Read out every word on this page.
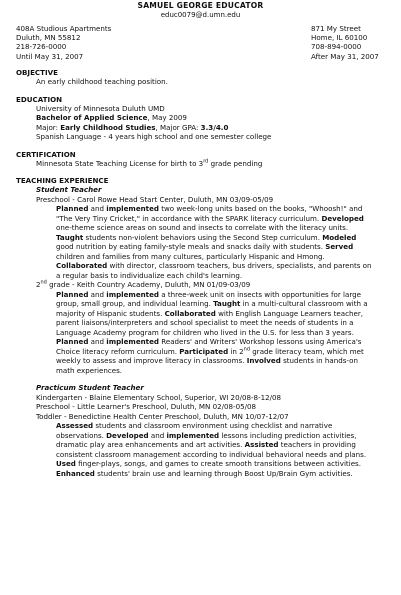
SAMUEL GEORGE EDUCATOR
educ0079@d.umn.edu
408A Studious Apartments
Duluth, MN 55812
218-726-0000
Until May 31, 2007
871 My Street
Home, IL 60100
708-894-0000
After May 31, 2007
OBJECTIVE
An early childhood teaching position.
EDUCATION
University of Minnesota Duluth UMD
Bachelor of Applied Science, May 2009
Major: Early Childhood Studies, Major GPA: 3.3/4.0
Spanish Language - 4 years high school and one semester college
CERTIFICATION
Minnesota State Teaching License for birth to 3rd grade pending
TEACHING EXPERIENCE
Student Teacher
Preschool - Carol Rowe Head Start Center, Duluth, MN 03/09-05/09
Planned and implemented two week-long units based on the books, "Whoosh!" and
"The Very Tiny Cricket," in accordance with the SPARK literacy curriculum. Developed
one-theme science areas on sound and insects to correlate with the literacy units.
Taught students non-violent behaviors using the Second Step curriculum. Modeled
good nutrition by eating family-style meals and snacks daily with students. Served
children and families from many cultures, particularly Hispanic and Hmong.
Collaborated with director, classroom teachers, bus drivers, specialists, and parents on
a regular basis to individualize each child's learning.
2nd grade - Keith Country Academy, Duluth, MN 01/09-03/09
Planned and implemented a three-week unit on insects with opportunities for large
group, small group, and individual learning. Taught in a multi-cultural classroom with a
majority of Hispanic students. Collaborated with English Language Learners teacher,
parent liaisons/interpreters and school specialist to meet the needs of students in a
Language Academy program for children who lived in the U.S. for less than 3 years.
Planned and implemented Readers' and Writers' Workshop lessons using America's
Choice literacy reform curriculum. Participated in 2nd grade literacy team, which met
weekly to assess and improve literacy in classrooms. Involved students in hands-on
math experiences.
Practicum Student Teacher
Kindergarten - Blaine Elementary School, Superior, WI 20/08-8-12/08
Preschool - Little Learner's Preschool, Duluth, MN 02/08-05/08
Toddler - Benedictine Health Center Preschool, Duluth, MN 10/07-12/07
Assessed students and classroom environment using checklist and narrative
observations. Developed and implemented lessons including prediction activities,
dramatic play area enhancements and art activities. Assisted teachers in providing
consistent classroom management according to individual behavioral needs and plans.
Used finger-plays, songs, and games to create smooth transitions between activities.
Enhanced students' brain use and learning through Boost Up/Brain Gym activities.
